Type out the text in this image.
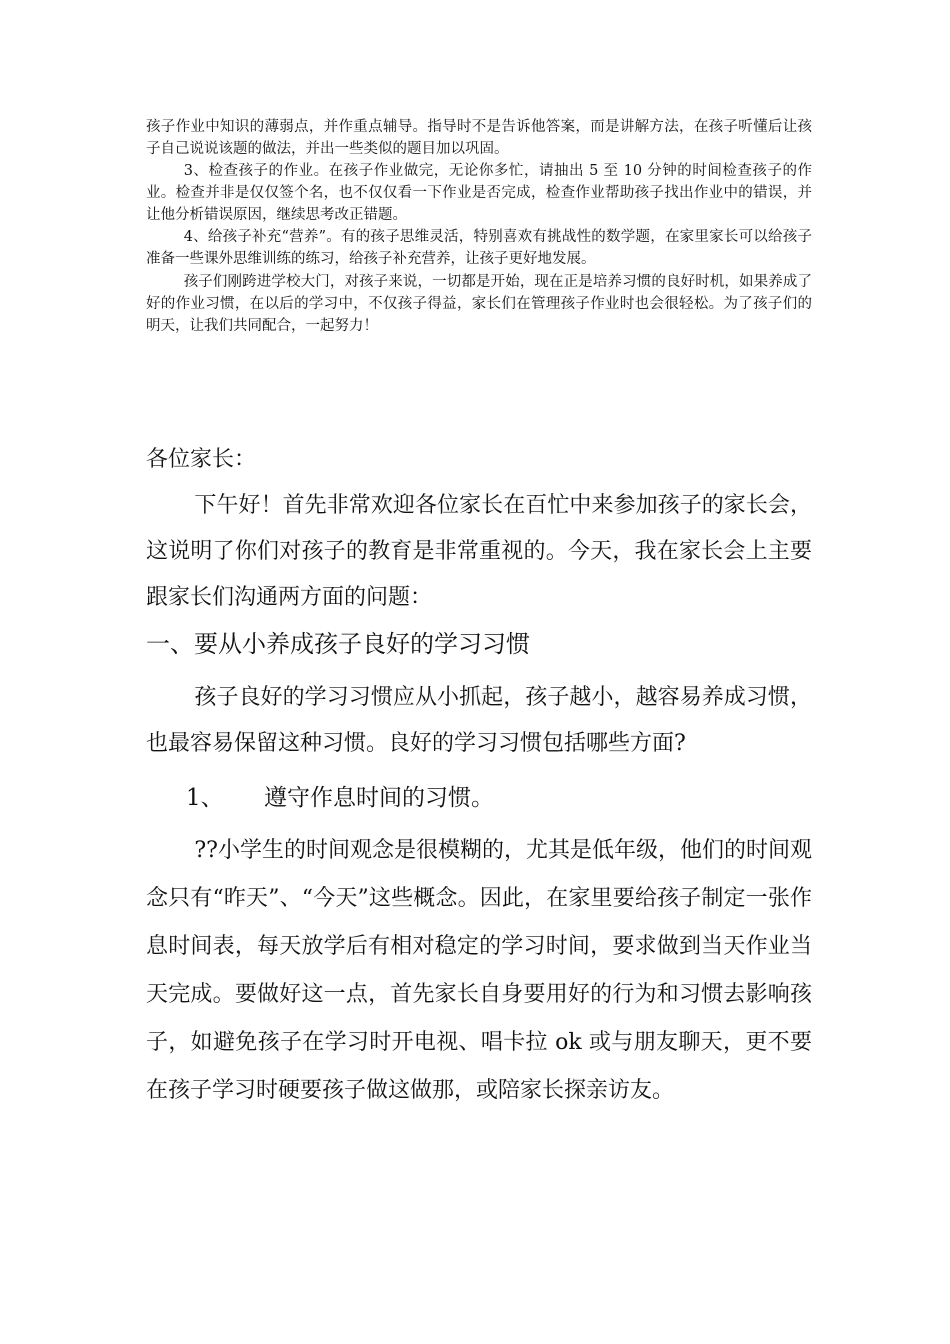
孩子作业中知识的薄弱点，并作重点辅导。指导时不是告诉他答案，而是讲解方法，在孩子听懂后让孩子自己说说该题的做法，并出一些类似的题目加以巩固。

3、检查孩子的作业。在孩子作业做完，无论你多忙，请抽出 5 至 10 分钟的时间检查孩子的作业。检查并非是仅仅签个名，也不仅仅看一下作业是否完成，检查作业帮助孩子找出作业中的错误，并让他分析错误原因，继续思考改正错题。

4、给孩子补充“营养”。有的孩子思维灵活，特别喜欢有挑战性的数学题，在家里家长可以给孩子准备一些课外思维训练的练习，给孩子补充营养，让孩子更好地发展。

孩子们刚跨进学校大门，对孩子来说，一切都是开始，现在正是培养习惯的良好时机，如果养成了好的作业习惯，在以后的学习中，不仅孩子得益，家长们在管理孩子作业时也会很轻松。为了孩子们的明天，让我们共同配合，一起努力！

各位家长：

下午好！首先非常欢迎各位家长在百忙中来参加孩子的家长会，这说明了你们对孩子的教育是非常重视的。今天，我在家长会上主要跟家长们沟通两方面的问题：

一、要从小养成孩子良好的学习习惯

孩子良好的学习习惯应从小抓起，孩子越小，越容易养成习惯，也最容易保留这种习惯。良好的学习习惯包括哪些方面?

1、	遵守作息时间的习惯。

??小学生的时间观念是很模糊的，尤其是低年级，他们的时间观念只有“昨天”、“今天”这些概念。因此，在家里要给孩子制定一张作息时间表，每天放学后有相对稳定的学习时间，要求做到当天作业当天完成。要做好这一点，首先家长自身要用好的行为和习惯去影响孩子，如避免孩子在学习时开电视、唱卡拉 ok 或与朋友聊天，更不要在孩子学习时硬要孩子做这做那，或陪家长探亲访友。
